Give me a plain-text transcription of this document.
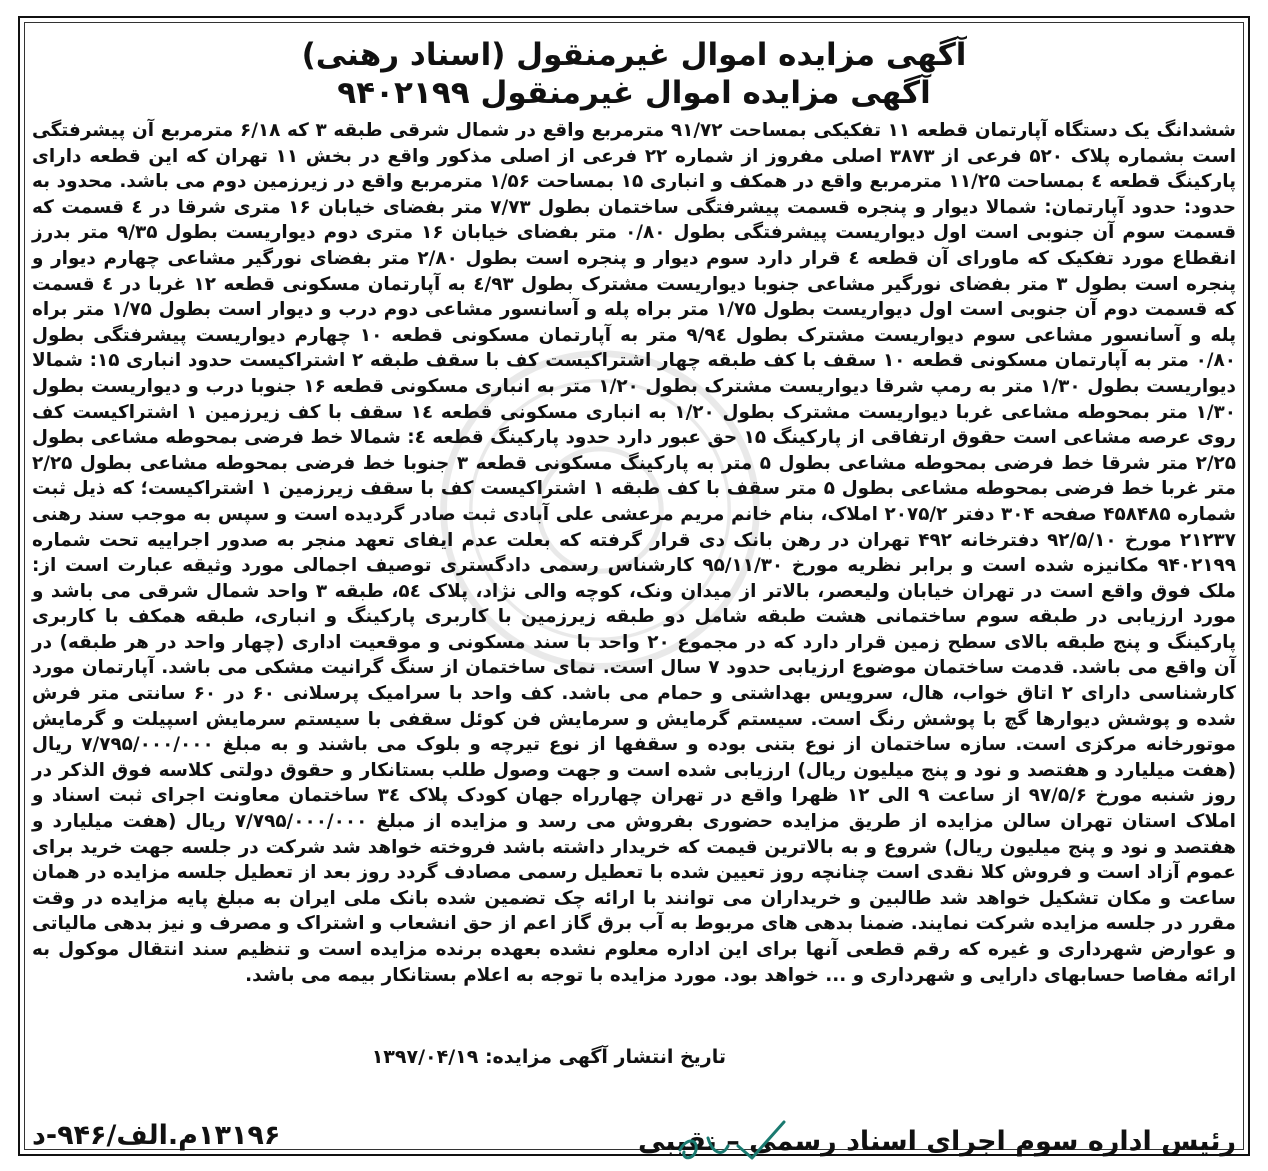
آگهی مزایده اموال غیرمنقول (اسناد رهنی)
آگهی مزایده اموال غیرمنقول ۹۴۰۲۱۹۹
ششدانگ یک دستگاه آپارتمان قطعه ۱۱ تفکیکی بمساحت ۹۱/۷۲ مترمربع واقع در شمال شرقی طبقه ۳ که ۶/۱۸ مترمربع آن پیشرفتگی است بشماره پلاک ۵۲۰ فرعی از ۳۸۷۳ اصلی مفروز از شماره ۲۲ فرعی از اصلی مذکور واقع در بخش ۱۱ تهران که این قطعه دارای پارکینگ قطعه ٤ بمساحت ۱۱/۲۵ مترمربع واقع در همکف و انباری ۱۵ بمساحت ۱/۵۶ مترمربع واقع در زیرزمین دوم می باشد. محدود به حدود: حدود آپارتمان: شمالا دیوار و پنجره قسمت پیشرفتگی ساختمان بطول ۷/۷۳ متر بفضای خیابان ۱۶ متری شرقا در ٤ قسمت که قسمت سوم آن جنوبی است اول دیواریست پیشرفتگی بطول ۰/۸۰ متر بفضای خیابان ۱۶ متری دوم دیواریست بطول ۹/۳۵ متر بدرز انقطاع مورد تفکیک که ماورای آن قطعه ٤ قرار دارد سوم دیوار و پنجره است بطول ۲/۸۰ متر بفضای نورگیر مشاعی چهارم دیوار و پنجره است بطول ۳ متر بفضای نورگیر مشاعی جنوبا دیواریست مشترک بطول ٤/۹۳ به آپارتمان مسکونی قطعه ۱۲ غربا در ٤ قسمت که قسمت دوم آن جنوبی است اول دیواریست بطول ۱/۷۵ متر براه پله و آسانسور مشاعی دوم درب و دیوار است بطول ۱/۷۵ متر براه پله و آسانسور مشاعی سوم دیواریست مشترک بطول ۹/۹٤ متر به آپارتمان مسکونی قطعه ۱۰ چهارم دیواریست پیشرفتگی بطول ۰/۸۰ متر به آپارتمان مسکونی قطعه ۱۰ سقف با کف طبقه چهار اشتراکیست کف با سقف طبقه ۲ اشتراکیست حدود انباری ۱۵: شمالا دیواریست بطول ۱/۳۰ متر به رمپ شرقا دیواریست مشترک بطول ۱/۲۰ متر به انباری مسکونی قطعه ۱۶ جنوبا درب و دیواریست بطول ۱/۳۰ متر بمحوطه مشاعی غربا دیواریست مشترک بطول ۱/۲۰ به انباری مسکونی قطعه ۱٤ سقف با کف زیرزمین ۱ اشتراکیست کف روی عرصه مشاعی است حقوق ارتفاقی از پارکینگ ۱۵ حق عبور دارد حدود پارکینگ قطعه ٤: شمالا خط فرضی بمحوطه مشاعی بطول ۲/۲۵ متر شرقا خط فرضی بمحوطه مشاعی بطول ۵ متر به پارکینگ مسکونی قطعه ۳ جنوبا خط فرضی بمحوطه مشاعی بطول ۲/۲۵ متر غربا خط فرضی بمحوطه مشاعی بطول ۵ متر سقف با کف طبقه ۱ اشتراکیست کف با سقف زیرزمین ۱ اشتراکیست؛ که ذیل ثبت شماره ۴۵۸۴۸۵ صفحه ۳۰۴ دفتر ۲۰۷۵/۲ املاک، بنام خانم مریم مرعشی علی آبادی ثبت صادر گردیده است و سپس به موجب سند رهنی ۲۱۲۳۷ مورخ ۹۲/۵/۱۰ دفترخانه ۴۹۲ تهران در رهن بانک دی قرار گرفته که بعلت عدم ایفای تعهد منجر به صدور اجراییه تحت شماره ۹۴۰۲۱۹۹ مکانیزه شده است و برابر نظریه مورخ ۹۵/۱۱/۳۰ کارشناس رسمی دادگستری توصیف اجمالی مورد وثیقه عبارت است از: ملک فوق واقع است در تهران خیابان ولیعصر، بالاتر از میدان ونک، کوچه والی نژاد، پلاک ۵٤، طبقه ۳ واحد شمال شرقی می باشد و مورد ارزیابی در طبقه سوم ساختمانی هشت طبقه شامل دو طبقه زیرزمین با کاربری پارکینگ و انباری، طبقه همکف با کاربری پارکینگ و پنج طبقه بالای سطح زمین قرار دارد که در مجموع ۲۰ واحد با سند مسکونی و موقعیت اداری (چهار واحد در هر طبقه) در آن واقع می باشد. قدمت ساختمان موضوع ارزیابی حدود ۷ سال است. نمای ساختمان از سنگ گرانیت مشکی می باشد. آپارتمان مورد کارشناسی دارای ۲ اتاق خواب، هال، سرویس بهداشتی و حمام می باشد. کف واحد با سرامیک پرسلانی ۶۰ در ۶۰ سانتی متر فرش شده و پوشش دیوارها گچ با پوشش رنگ است. سیستم گرمایش و سرمایش فن کوئل سقفی با سیستم سرمایش اسپیلت و گرمایش موتورخانه مرکزی است. سازه ساختمان از نوع بتنی بوده و سقفها از نوع تیرچه و بلوک می باشند و به مبلغ ۷/۷۹۵/۰۰۰/۰۰۰ ریال (هفت میلیارد و هفتصد و نود و پنج میلیون ریال) ارزیابی شده است و جهت وصول طلب بستانکار و حقوق دولتی کلاسه فوق الذکر در روز شنبه مورخ ۹۷/۵/۶ از ساعت ۹ الی ۱۲ ظهرا واقع در تهران چهارراه جهان کودک پلاک ۳٤ ساختمان معاونت اجرای ثبت اسناد و املاک استان تهران سالن مزایده از طریق مزایده حضوری بفروش می رسد و مزایده از مبلغ ۷/۷۹۵/۰۰۰/۰۰۰ ریال (هفت میلیارد و هفتصد و نود و پنج میلیون ریال) شروع و به بالاترین قیمت که خریدار داشته باشد فروخته خواهد شد شرکت در جلسه جهت خرید برای عموم آزاد است و فروش کلا نقدی است چنانچه روز تعیین شده با تعطیل رسمی مصادف گردد روز بعد از تعطیل جلسه مزایده در همان ساعت و مکان تشکیل خواهد شد طالبین و خریداران می توانند با ارائه چک تضمین شده بانک ملی ایران به مبلغ پایه مزایده در وقت مقرر در جلسه مزایده شرکت نمایند. ضمنا بدهی های مربوط به آب برق گاز اعم از حق انشعاب و اشتراک و مصرف و نیز بدهی مالیاتی و عوارض شهرداری و غیره که رقم قطعی آنها برای این اداره معلوم نشده بعهده برنده مزایده است و تنظیم سند انتقال موکول به ارائه مفاصا حسابهای دارایی و شهرداری و ... خواهد بود. مورد مزایده با توجه به اعلام بستانکار بیمه می باشد.
تاریخ انتشار آگهی مزایده: ۱۳۹۷/۰۴/۱۹
رئیس اداره سوم اجرای اسناد رسمی – نقیبی
۱۳۱۹۶م.الف/۹۴۶-د
